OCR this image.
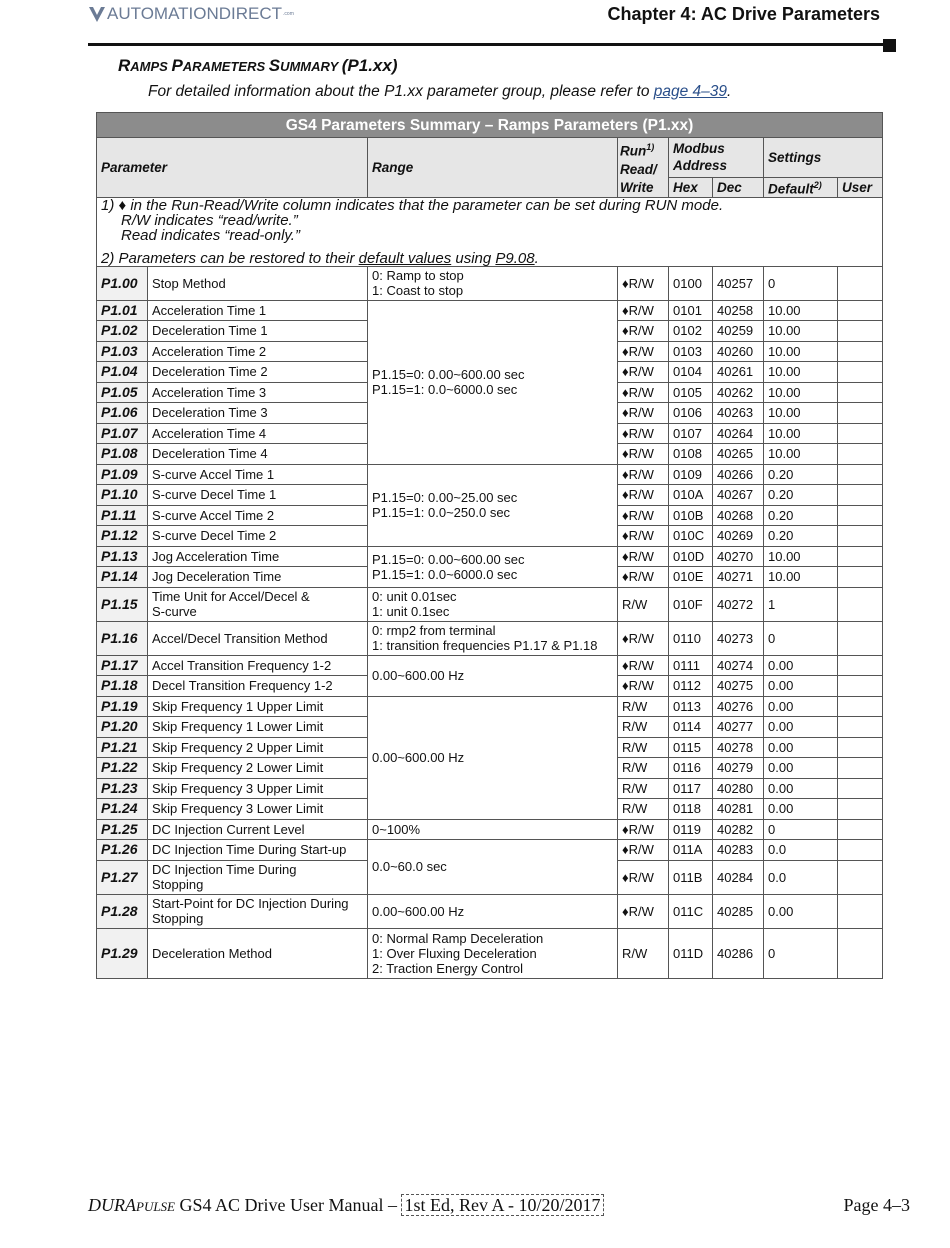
AUTOMATIONDIRECT .com	Chapter 4: AC Drive Parameters
RAMPS PARAMETERS SUMMARY (P1.xx)
For detailed information about the P1.xx parameter group, please refer to page 4–39.
GS4 Parameters Summary – Ramps Parameters (P1.xx)							
Parameter		Range	Run$^{1)}$
Read/
Write	Modbus Address		Settings	
				Hex	Dec	Default$^{2)}$	User
1) ♦ in the Run-Read/Write column indicates that the parameter can be set during RUN mode.
R/W indicates “read/write.”
Read indicates “read-only.”
2) Parameters can be restored to their default values using P9.08.							
P1.00	Stop Method	0: Ramp to stop
1: Coast to stop	♦R/W	0100	40257	0	
P1.01	Acceleration Time 1	P1.15=0: 0.00~600.00 sec
P1.15=1: 0.0~6000.0 sec	♦R/W	0101	40258	10.00	
P1.02	Deceleration Time 1		♦R/W	0102	40259	10.00	
P1.03	Acceleration Time 2		♦R/W	0103	40260	10.00	
P1.04	Deceleration Time 2		♦R/W	0104	40261	10.00	
P1.05	Acceleration Time 3		♦R/W	0105	40262	10.00	
P1.06	Deceleration Time 3		♦R/W	0106	40263	10.00	
P1.07	Acceleration Time 4		♦R/W	0107	40264	10.00	
P1.08	Deceleration Time 4		♦R/W	0108	40265	10.00	
P1.09	S-curve Accel Time 1	P1.15=0: 0.00~25.00 sec
P1.15=1: 0.0~250.0 sec	♦R/W	0109	40266	0.20	
P1.10	S-curve Decel Time 1		♦R/W	010A	40267	0.20	
P1.11	S-curve Accel Time 2		♦R/W	010B	40268	0.20	
P1.12	S-curve Decel Time 2		♦R/W	010C	40269	0.20	
P1.13	Jog Acceleration Time	P1.15=0: 0.00~600.00 sec
P1.15=1: 0.0~6000.0 sec	♦R/W	010D	40270	10.00	
P1.14	Jog Deceleration Time		♦R/W	010E	40271	10.00	
P1.15	Time Unit for Accel/Decel &
S-curve	0: unit 0.01sec
1: unit 0.1sec	R/W	010F	40272	1	
P1.16	Accel/Decel Transition Method	0: rmp2 from terminal
1: transition frequencies P1.17 & P1.18	♦R/W	0110	40273	0	
P1.17	Accel Transition Frequency 1-2	0.00~600.00 Hz	♦R/W	0111	40274	0.00	
P1.18	Decel Transition Frequency 1-2		♦R/W	0112	40275	0.00	
P1.19	Skip Frequency 1 Upper Limit	0.00~600.00 Hz	R/W	0113	40276	0.00	
P1.20	Skip Frequency 1 Lower Limit		R/W	0114	40277	0.00	
P1.21	Skip Frequency 2 Upper Limit		R/W	0115	40278	0.00	
P1.22	Skip Frequency 2 Lower Limit		R/W	0116	40279	0.00	
P1.23	Skip Frequency 3 Upper Limit		R/W	0117	40280	0.00	
P1.24	Skip Frequency 3 Lower Limit		R/W	0118	40281	0.00	
P1.25	DC Injection Current Level	0~100%	♦R/W	0119	40282	0	
P1.26	DC Injection Time During Start-up	0.0~60.0 sec	♦R/W	011A	40283	0.0	
P1.27	DC Injection Time During
Stopping		♦R/W	011B	40284	0.0	
P1.28	Start-Point for DC Injection During
Stopping	0.00~600.00 Hz	♦R/W	011C	40285	0.00	
P1.29	Deceleration Method	0: Normal Ramp Deceleration
1: Over Fluxing Deceleration
2: Traction Energy Control	R/W	011D	40286	0	
DURAPULSE GS4 AC Drive User Manual – 1st Ed, Rev A - 10/20/2017	Page 4–3
